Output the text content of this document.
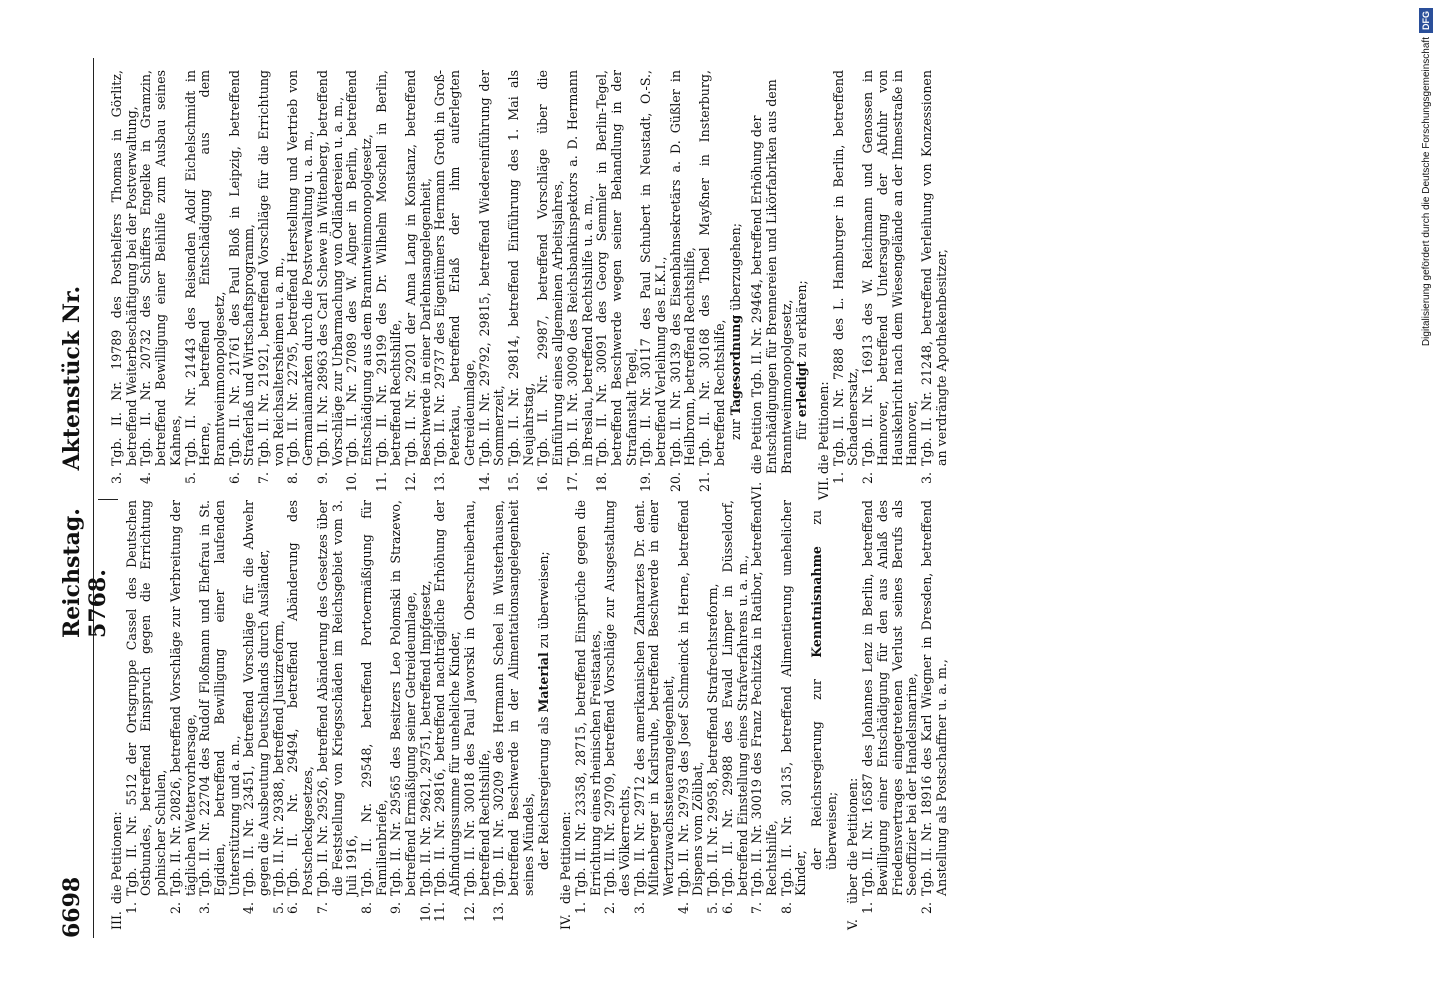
6698
Reichstag. Aktenstück Nr. 5768.
III.
die Petitionen:
1.
Tgb. II. Nr. 5512 der Ortsgruppe Cassel des Deutschen Ostbundes, betreffend Einspruch gegen die Errichtung polnischer Schulen,
2.
Tgb. II. Nr. 20826, betreffend Vorschläge zur Verbreitung der täglichen Wettervorhersage,
3.
Tgb. II. Nr. 22704 des Rudolf Floßmann und Ehefrau in St. Egidien, betreffend Bewilligung einer laufenden Unterstützung und a. m.,
4.
Tgb. II. Nr. 23451, betreffend Vorschläge für die Abwehr gegen die Ausbeutung Deutschlands durch Ausländer,
5.
Tgb. II. Nr. 29388, betreffend Justizreform,
6.
Tgb. II. Nr. 29494, betreffend Abänderung des Postscheckgesetzes,
7.
Tgb. II. Nr. 29526, betreffend Abänderung des Gesetzes über die Feststellung von Kriegsschäden im Reichsgebiet vom 3. Juli 1916,
8.
Tgb. II. Nr. 29548, betreffend Portoermäßigung für Familienbriefe,
9.
Tgb. II. Nr. 29565 des Besitzers Leo Polomski in Strazewo, betreffend Ermäßigung seiner Getreideumlage,
10.
Tgb. II. Nr. 29621, 29751, betreffend Impfgesetz,
11.
Tgb. II. Nr. 29816, betreffend nachträgliche Erhöhung der Abfindungssumme für uneheliche Kinder,
12.
Tgb. II. Nr. 30018 des Paul Jaworski in Oberschreiberhau, betreffend Rechtshilfe,
13.
Tgb. II. Nr. 30209 des Hermann Scheel in Wusterhausen, betreffend Beschwerde in der Alimentationsangelegenheit seines Mündels, der Reichsregierung als Material zu überweisen;
IV.
die Petitionen:
1.
Tgb. II. Nr. 23358, 28715, betreffend Einsprüche gegen die Errichtung eines rheinischen Freistaates,
2.
Tgb. II. Nr. 29709, betreffend Vorschläge zur Ausgestaltung des Völkerrechts,
3.
Tgb. II. Nr. 29712 des amerikanischen Zahnarztes Dr. dent. Miltenberger in Karlsruhe, betreffend Beschwerde in einer Wertzuwachssteuerangelegenheit,
4.
Tgb. II. Nr. 29793 des Josef Schmeinck in Herne, betreffend Dispens vom Zölibat,
5.
Tgb. II. Nr. 29958, betreffend Strafrechtsreform,
6.
Tgb. II. Nr. 29988 des Ewald Limper in Düsseldorf, betreffend Einstellung eines Strafverfahrens u. a. m.,
7.
Tgb. II. Nr. 30019 des Franz Pechitzka in Ratibor, betreffend Rechtshilfe,
8.
Tgb. II. Nr. 30135, betreffend Alimentierung unehelicher Kinder,
der Reichsregierung zur Kenntnisnahme zu überweisen;
V.
über die Petitionen:
1.
Tgb. II. Nr. 16587 des Johannes Lenz in Berlin, betreffend Bewilligung einer Entschädigung für den aus Anlaß des Friedensvertrages eingetretenen Verlust seines Berufs als Seeoffizier bei der Handelsmarine,
2.
Tgb. II. Nr. 18916 des Karl Wiegner in Dresden, betreffend Anstellung als Postschaffner u. a. m.,
3.
Tgb. II. Nr. 19789 des Posthelfers Thomas in Görlitz, betreffend Weiterbeschäftigung bei der Postverwaltung,
4.
Tgb. II. Nr. 20732 des Schiffers Engelke in Gramzin, betreffend Bewilligung einer Beihilfe zum Ausbau seines Kahnes,
5.
Tgb. II. Nr. 21443 des Reisenden Adolf Eichelschmidt in Herne, betreffend Entschädigung aus dem Branntweinmonopolgesetz,
6.
Tgb. II. Nr. 21761 des Paul Bloß in Leipzig, betreffend Straferlaß und Wirtschaftsprogramm,
7.
Tgb. II. Nr. 21921, betreffend Vorschläge für die Errichtung von Reichsaltersheimen u. a. m.,
8.
Tgb. II. Nr. 22795, betreffend Herstellung und Vertrieb von Germaniamarken durch die Postverwaltung u. a. m.,
9.
Tgb. II. Nr. 28963 des Carl Schewe in Wittenberg, betreffend Vorschläge zur Urbarmachung von Ödländereien u. a. m.,
10.
Tgb. II. Nr. 27089 des W. Algner in Berlin, betreffend Entschädigung aus dem Branntweinmonopolgesetz,
11.
Tgb. II. Nr. 29199 des Dr. Wilhelm Moschell in Berlin, betreffend Rechtshilfe,
12.
Tgb. II. Nr. 29201 der Anna Lang in Konstanz, betreffend Beschwerde in einer Darlehnsangelegenheit,
13.
Tgb. II. Nr. 29737 des Eigentümers Hermann Groth in Groß-Peterkau, betreffend Erlaß der ihm auferlegten Getreideumlage,
14.
Tgb. II. Nr. 29792, 29815, betreffend Wiedereinführung der Sommerzeit,
15.
Tgb. II. Nr. 29814, betreffend Einführung des 1. Mai als Neujahrstag,
16.
Tgb. II. Nr. 29987, betreffend Vorschläge über die Einführung eines allgemeinen Arbeitsjahres,
17.
Tgb. II. Nr. 30090 des Reichsbankinspektors a. D. Hermann in Breslau, betreffend Rechtshilfe u. a. m.,
18.
Tgb. II. Nr. 30091 des Georg Semmler in Berlin-Tegel, betreffend Beschwerde wegen seiner Behandlung in der Strafanstalt Tegel,
19.
Tgb. II. Nr. 30117 des Paul Schubert in Neustadt, O.-S., betreffend Verleihung des E.K.I.,
20.
Tgb. II. Nr. 30139 des Eisenbahnsekretärs a. D. Güßler in Heilbronn, betreffend Rechtshilfe,
21.
Tgb. II. Nr. 30168 des Thoel Mayßner in Insterburg, betreffend Rechtshilfe, zur Tagesordnung überzugehen;
VI.
die Petition Tgb. II. Nr. 29464, betreffend Erhöhung der Entschädigungen für Brennereien und Likörfabriken aus dem Branntweinmonopolgesetz, für erledigt zu erklären;
VII.
die Petitionen:
1.
Tgb. II. Nr. 7888 des L. Hamburger in Berlin, betreffend Schadenersatz,
2.
Tgb. II. Nr. 16913 des W. Reichmann und Genossen in Hannover, betreffend Untersagung der Abfuhr von Hauskehricht nach dem Wiesengelände an der Ihmestraße in Hannover,
3.
Tgb. II. Nr. 21248, betreffend Verleihung von Konzessionen an verdrängte Apothekenbesitzer,
Digitalisierung gefördert durch die Deutsche ForschungsgemeinschaftDFG
